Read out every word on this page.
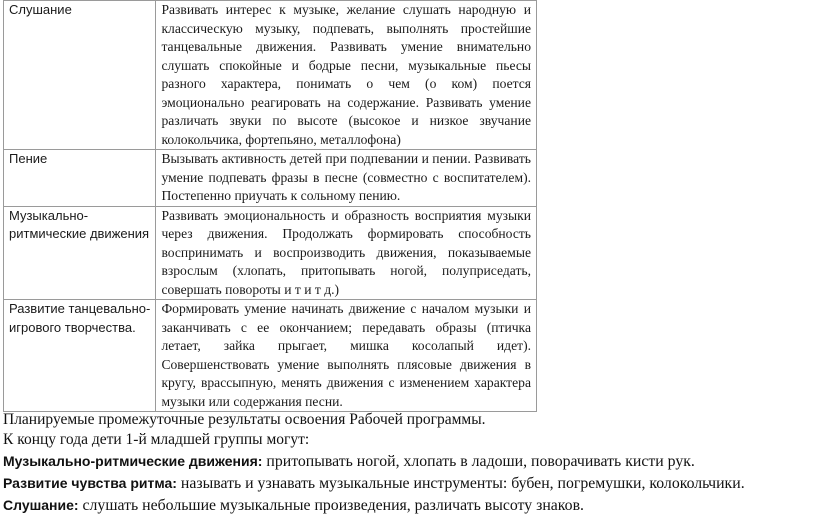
Слушание	Развивать интерес к музыке, желание слушать народную и классическую музыку, подпевать, выполнять простейшие танцевальные движения. Развивать умение внимательно слушать спокойные и бодрые песни, музыкальные пьесы разного характера, понимать о чем (о ком) поется эмоционально реагировать на содержание. Развивать умение различать звуки по высоте (высокое и низкое звучание колокольчика, фортепьяно, металлофона)
Пение	Вызывать активность детей при подпевании и пении. Развивать умение подпевать фразы в песне (совместно с воспитателем). Постепенно приучать к сольному пению.
Музыкально-ритмические движения	Развивать эмоциональность и образность восприятия музыки через движения. Продолжать формировать способность воспринимать и воспроизводить движения, показываемые взрослым (хлопать, притопывать ногой, полуприседать, совершать повороты и т и т д.)
Развитие танцевально-игрового творчества.	Формировать умение начинать движение с началом музыки и заканчивать с ее окончанием; передавать образы (птичка летает, зайка прыгает, мишка косолапый идет). Совершенствовать умение выполнять плясовые движения в кругу, врассыпную, менять движения с изменением характера музыки или содержания песни.
Планируемые промежуточные результаты освоения Рабочей программы.
К концу года дети 1-й младшей группы могут:
Музыкально-ритмические движения: притопывать ногой, хлопать в ладоши, поворачивать кисти рук.
Развитие чувства ритма: называть и узнавать музыкальные инструменты: бубен, погремушки, колокольчики.
Слушание: слушать небольшие музыкальные произведения, различать высоту знаков.
